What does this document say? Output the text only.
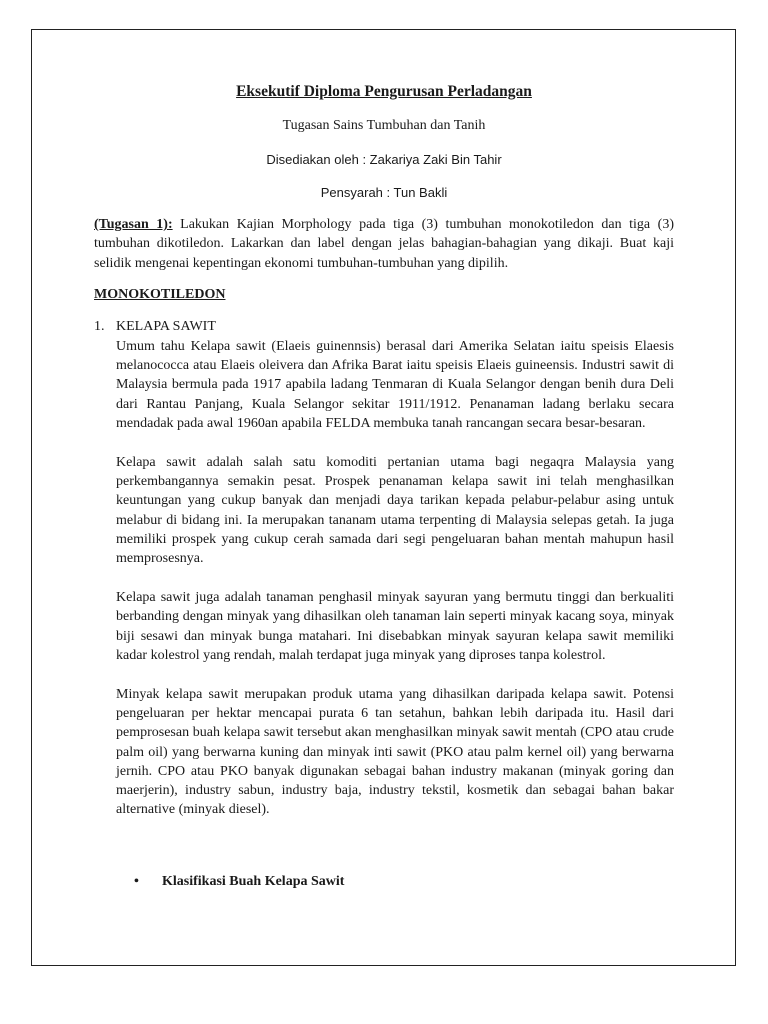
Eksekutif Diploma Pengurusan Perladangan

Tugasan Sains Tumbuhan dan Tanih

Disediakan oleh : Zakariya Zaki Bin Tahir

Pensyarah : Tun Bakli

(Tugasan 1): Lakukan Kajian Morphology pada tiga (3) tumbuhan monokotiledon dan tiga (3) tumbuhan dikotiledon. Lakarkan dan label dengan jelas bahagian-bahagian yang dikaji. Buat kaji selidik mengenai kepentingan ekonomi tumbuhan-tumbuhan yang dipilih.

MONOKOTILEDON

1. KELAPA SAWIT

Umum tahu Kelapa sawit (Elaeis guinennsis) berasal dari Amerika Selatan iaitu speisis Elaesis melanococca atau Elaeis oleivera dan Afrika Barat iaitu speisis Elaeis guineensis. Industri sawit di Malaysia bermula pada 1917 apabila ladang Tenmaran di Kuala Selangor dengan benih dura Deli dari Rantau Panjang, Kuala Selangor sekitar 1911/1912. Penanaman ladang berlaku secara mendadak pada awal 1960an apabila FELDA membuka tanah rancangan secara besar-besaran.

Kelapa sawit adalah salah satu komoditi pertanian utama bagi negaqra Malaysia yang perkembangannya semakin pesat. Prospek penanaman kelapa sawit ini telah menghasilkan keuntungan yang cukup banyak dan menjadi daya tarikan kepada pelabur-pelabur asing untuk melabur di bidang ini. Ia merupakan tananam utama terpenting di Malaysia selepas getah. Ia juga memiliki prospek yang cukup cerah samada dari segi pengeluaran bahan mentah mahupun hasil memprosesnya.

Kelapa sawit juga adalah tanaman penghasil minyak sayuran yang bermutu tinggi dan berkualiti berbanding dengan minyak yang dihasilkan oleh tanaman lain seperti minyak kacang soya, minyak biji sesawi dan minyak bunga matahari. Ini disebabkan minyak sayuran kelapa sawit memiliki kadar kolestrol yang rendah, malah terdapat juga minyak yang diproses tanpa kolestrol.

Minyak kelapa sawit merupakan produk utama yang dihasilkan daripada kelapa sawit. Potensi pengeluaran per hektar mencapai purata 6 tan setahun, bahkan lebih daripada itu. Hasil dari pemprosesan buah kelapa sawit tersebut akan menghasilkan minyak sawit mentah (CPO atau crude palm oil) yang berwarna kuning dan minyak inti sawit (PKO atau palm kernel oil) yang berwarna jernih. CPO atau PKO banyak digunakan sebagai bahan industry makanan (minyak goring dan maerjerin), industry sabun, industry baja, industry tekstil, kosmetik dan sebagai bahan bakar alternative (minyak diesel).

•	Klasifikasi Buah Kelapa Sawit
